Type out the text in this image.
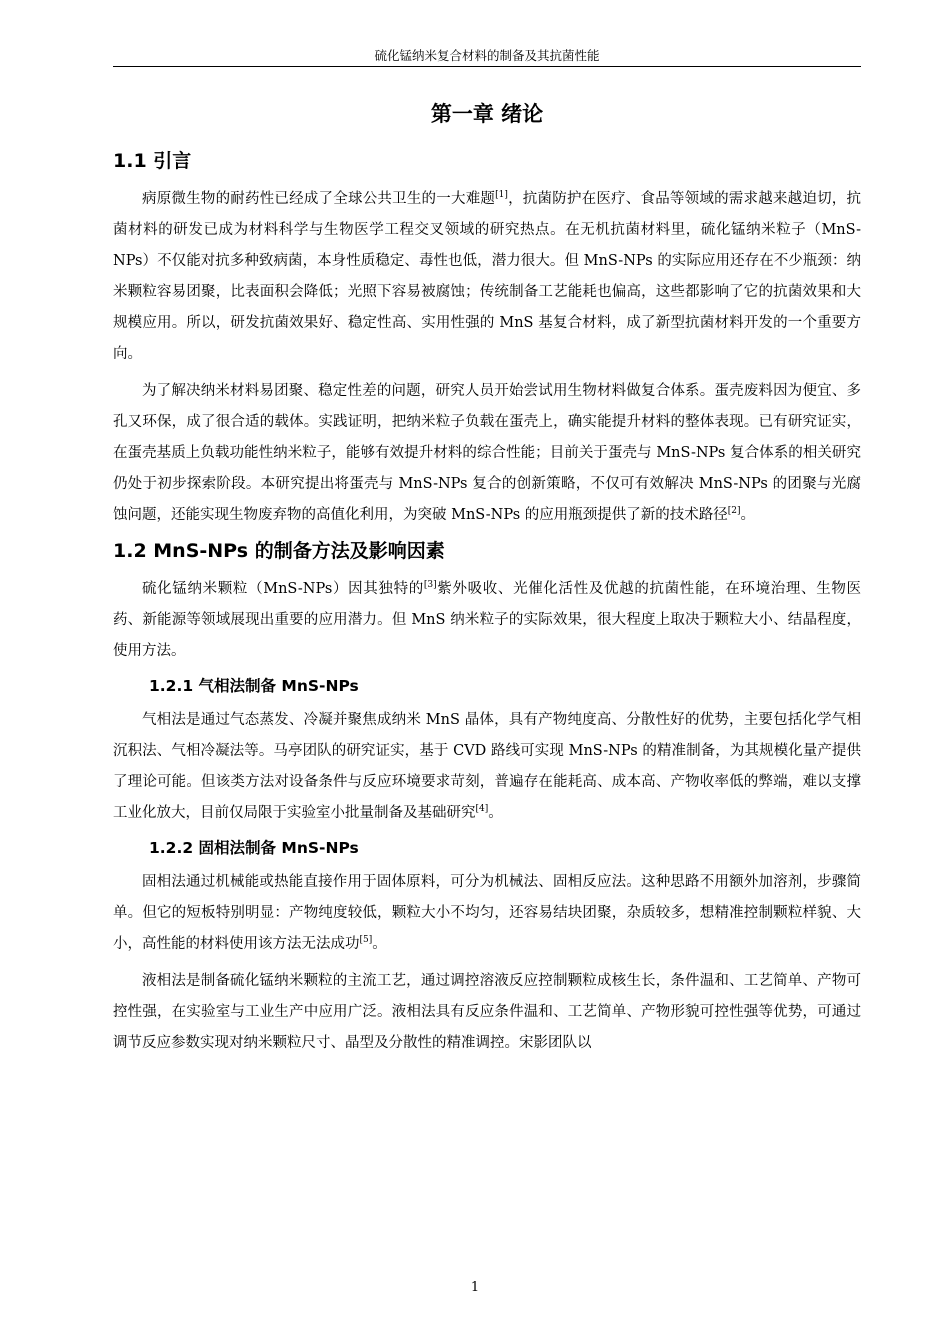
硫化锰纳米复合材料的制备及其抗菌性能
第一章 绪论
1.1 引言

病原微生物的耐药性已经成了全球公共卫生的一大难题[1]，抗菌防护在医疗、食品等领域的需求越来越迫切，抗菌材料的研发已成为材料科学与生物医学工程交叉领域的研究热点。在无机抗菌材料里，硫化锰纳米粒子（MnS-NPs）不仅能对抗多种致病菌，本身性质稳定、毒性也低，潜力很大。但 MnS-NPs 的实际应用还存在不少瓶颈：纳米颗粒容易团聚，比表面积会降低；光照下容易被腐蚀；传统制备工艺能耗也偏高，这些都影响了它的抗菌效果和大规模应用。所以，研发抗菌效果好、稳定性高、实用性强的 MnS 基复合材料，成了新型抗菌材料开发的一个重要方向。

为了解决纳米材料易团聚、稳定性差的问题，研究人员开始尝试用生物材料做复合体系。蛋壳废料因为便宜、多孔又环保，成了很合适的载体。实践证明，把纳米粒子负载在蛋壳上，确实能提升材料的整体表现。已有研究证实，在蛋壳基质上负载功能性纳米粒子，能够有效提升材料的综合性能；目前关于蛋壳与 MnS-NPs 复合体系的相关研究仍处于初步探索阶段。本研究提出将蛋壳与 MnS-NPs 复合的创新策略，不仅可有效解决 MnS-NPs 的团聚与光腐蚀问题，还能实现生物废弃物的高值化利用，为突破 MnS-NPs 的应用瓶颈提供了新的技术路径[2]。

1.2 MnS-NPs 的制备方法及影响因素

硫化锰纳米颗粒（MnS-NPs）因其独特的[3]紫外吸收、光催化活性及优越的抗菌性能，在环境治理、生物医药、新能源等领域展现出重要的应用潜力。但 MnS 纳米粒子的实际效果，很大程度上取决于颗粒大小、结晶程度，使用方法。

1.2.1 气相法制备 MnS-NPs

气相法是通过气态蒸发、冷凝并聚焦成纳米 MnS 晶体，具有产物纯度高、分散性好的优势，主要包括化学气相沉积法、气相冷凝法等。马亭团队的研究证实，基于 CVD 路线可实现 MnS-NPs 的精准制备，为其规模化量产提供了理论可能。但该类方法对设备条件与反应环境要求苛刻，普遍存在能耗高、成本高、产物收率低的弊端，难以支撑工业化放大，目前仅局限于实验室小批量制备及基础研究[4]。

1.2.2 固相法制备 MnS-NPs

固相法通过机械能或热能直接作用于固体原料，可分为机械法、固相反应法。这种思路不用额外加溶剂，步骤简单。但它的短板特别明显：产物纯度较低，颗粒大小不均匀，还容易结块团聚，杂质较多，想精准控制颗粒样貌、大小，高性能的材料使用该方法无法成功[5]。

液相法是制备硫化锰纳米颗粒的主流工艺，通过调控溶液反应控制颗粒成核生长，条件温和、工艺简单、产物可控性强，在实验室与工业生产中应用广泛。液相法具有反应条件温和、工艺简单、产物形貌可控性强等优势，可通过调节反应参数实现对纳米颗粒尺寸、晶型及分散性的精准调控。宋影团队以

1
